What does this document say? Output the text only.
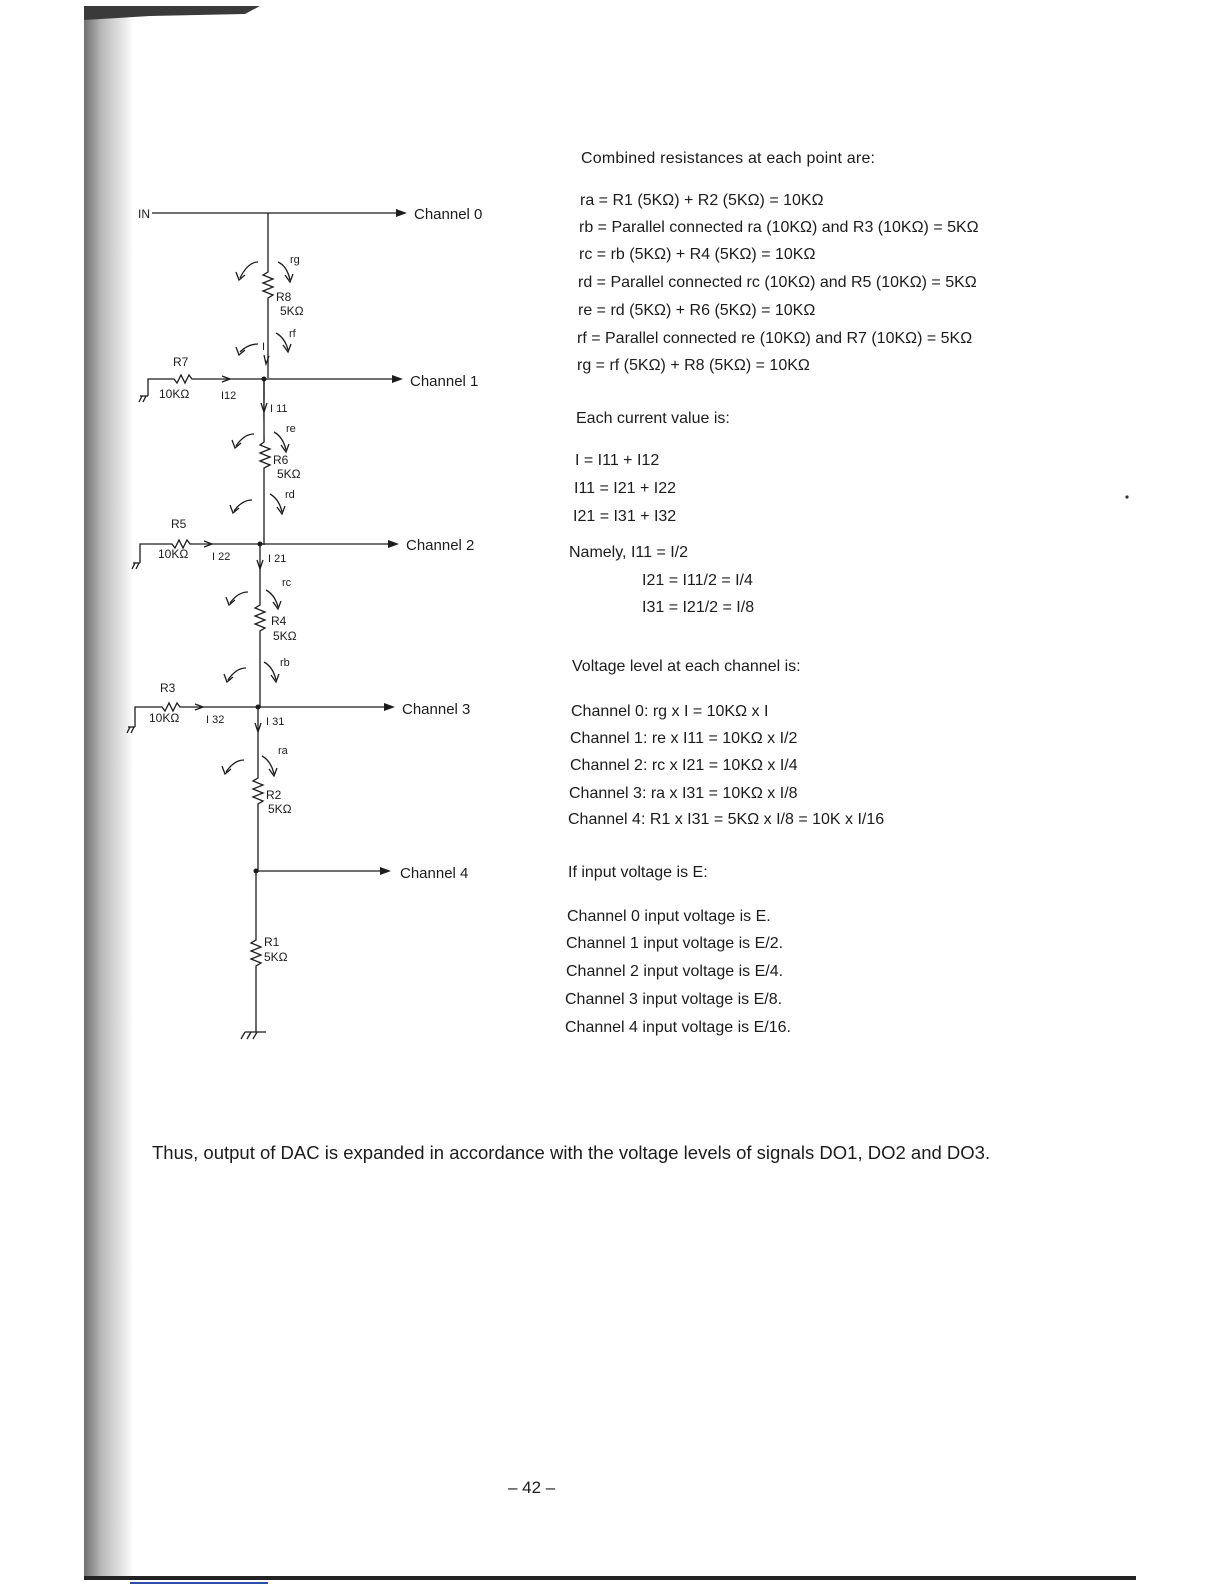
IN	Channel 0
Channel 1
Channel 2
Channel 3
Channel 4
R8
5KΩ
R6
5KΩ
R4
5KΩ
R2
5KΩ
R1
5KΩ
R7
10KΩ
R5
10KΩ
R3
10KΩ
rg
rf
re
rd
rc
rb
ra
I
I 11
I12
I 21
I 22
I 31
I 32

Combined resistances at each point are:

ra = R1 (5KΩ) + R2 (5KΩ) = 10KΩ

rb = Parallel connected ra (10KΩ) and R3 (10KΩ) = 5KΩ

rc = rb (5KΩ) + R4 (5KΩ) = 10KΩ

rd = Parallel connected rc (10KΩ) and R5 (10KΩ) = 5KΩ

re = rd (5KΩ) + R6 (5KΩ) = 10KΩ

rf = Parallel connected re (10KΩ) and R7 (10KΩ) = 5KΩ

rg = rf (5KΩ) + R8 (5KΩ) = 10KΩ

Each current value is:

I = I11 + I12

I11 = I21 + I22

I21 = I31 + I32

Namely, I11 = I/2

I21 = I11/2 = I/4

I31 = I21/2 = I/8

Voltage level at each channel is:

Channel 0: rg x I = 10KΩ x I

Channel 1: re x I11 = 10KΩ x I/2

Channel 2: rc x I21 = 10KΩ x I/4

Channel 3: ra x I31 = 10KΩ x I/8

Channel 4: R1 x I31 = 5KΩ x I/8 = 10K x I/16

If input voltage is E:

Channel 0 input voltage is E.

Channel 1 input voltage is E/2.

Channel 2 input voltage is E/4.

Channel 3 input voltage is E/8.

Channel 4 input voltage is E/16.

Thus, output of DAC is expanded in accordance with the voltage levels of signals DO1, DO2 and DO3.

– 42 –
